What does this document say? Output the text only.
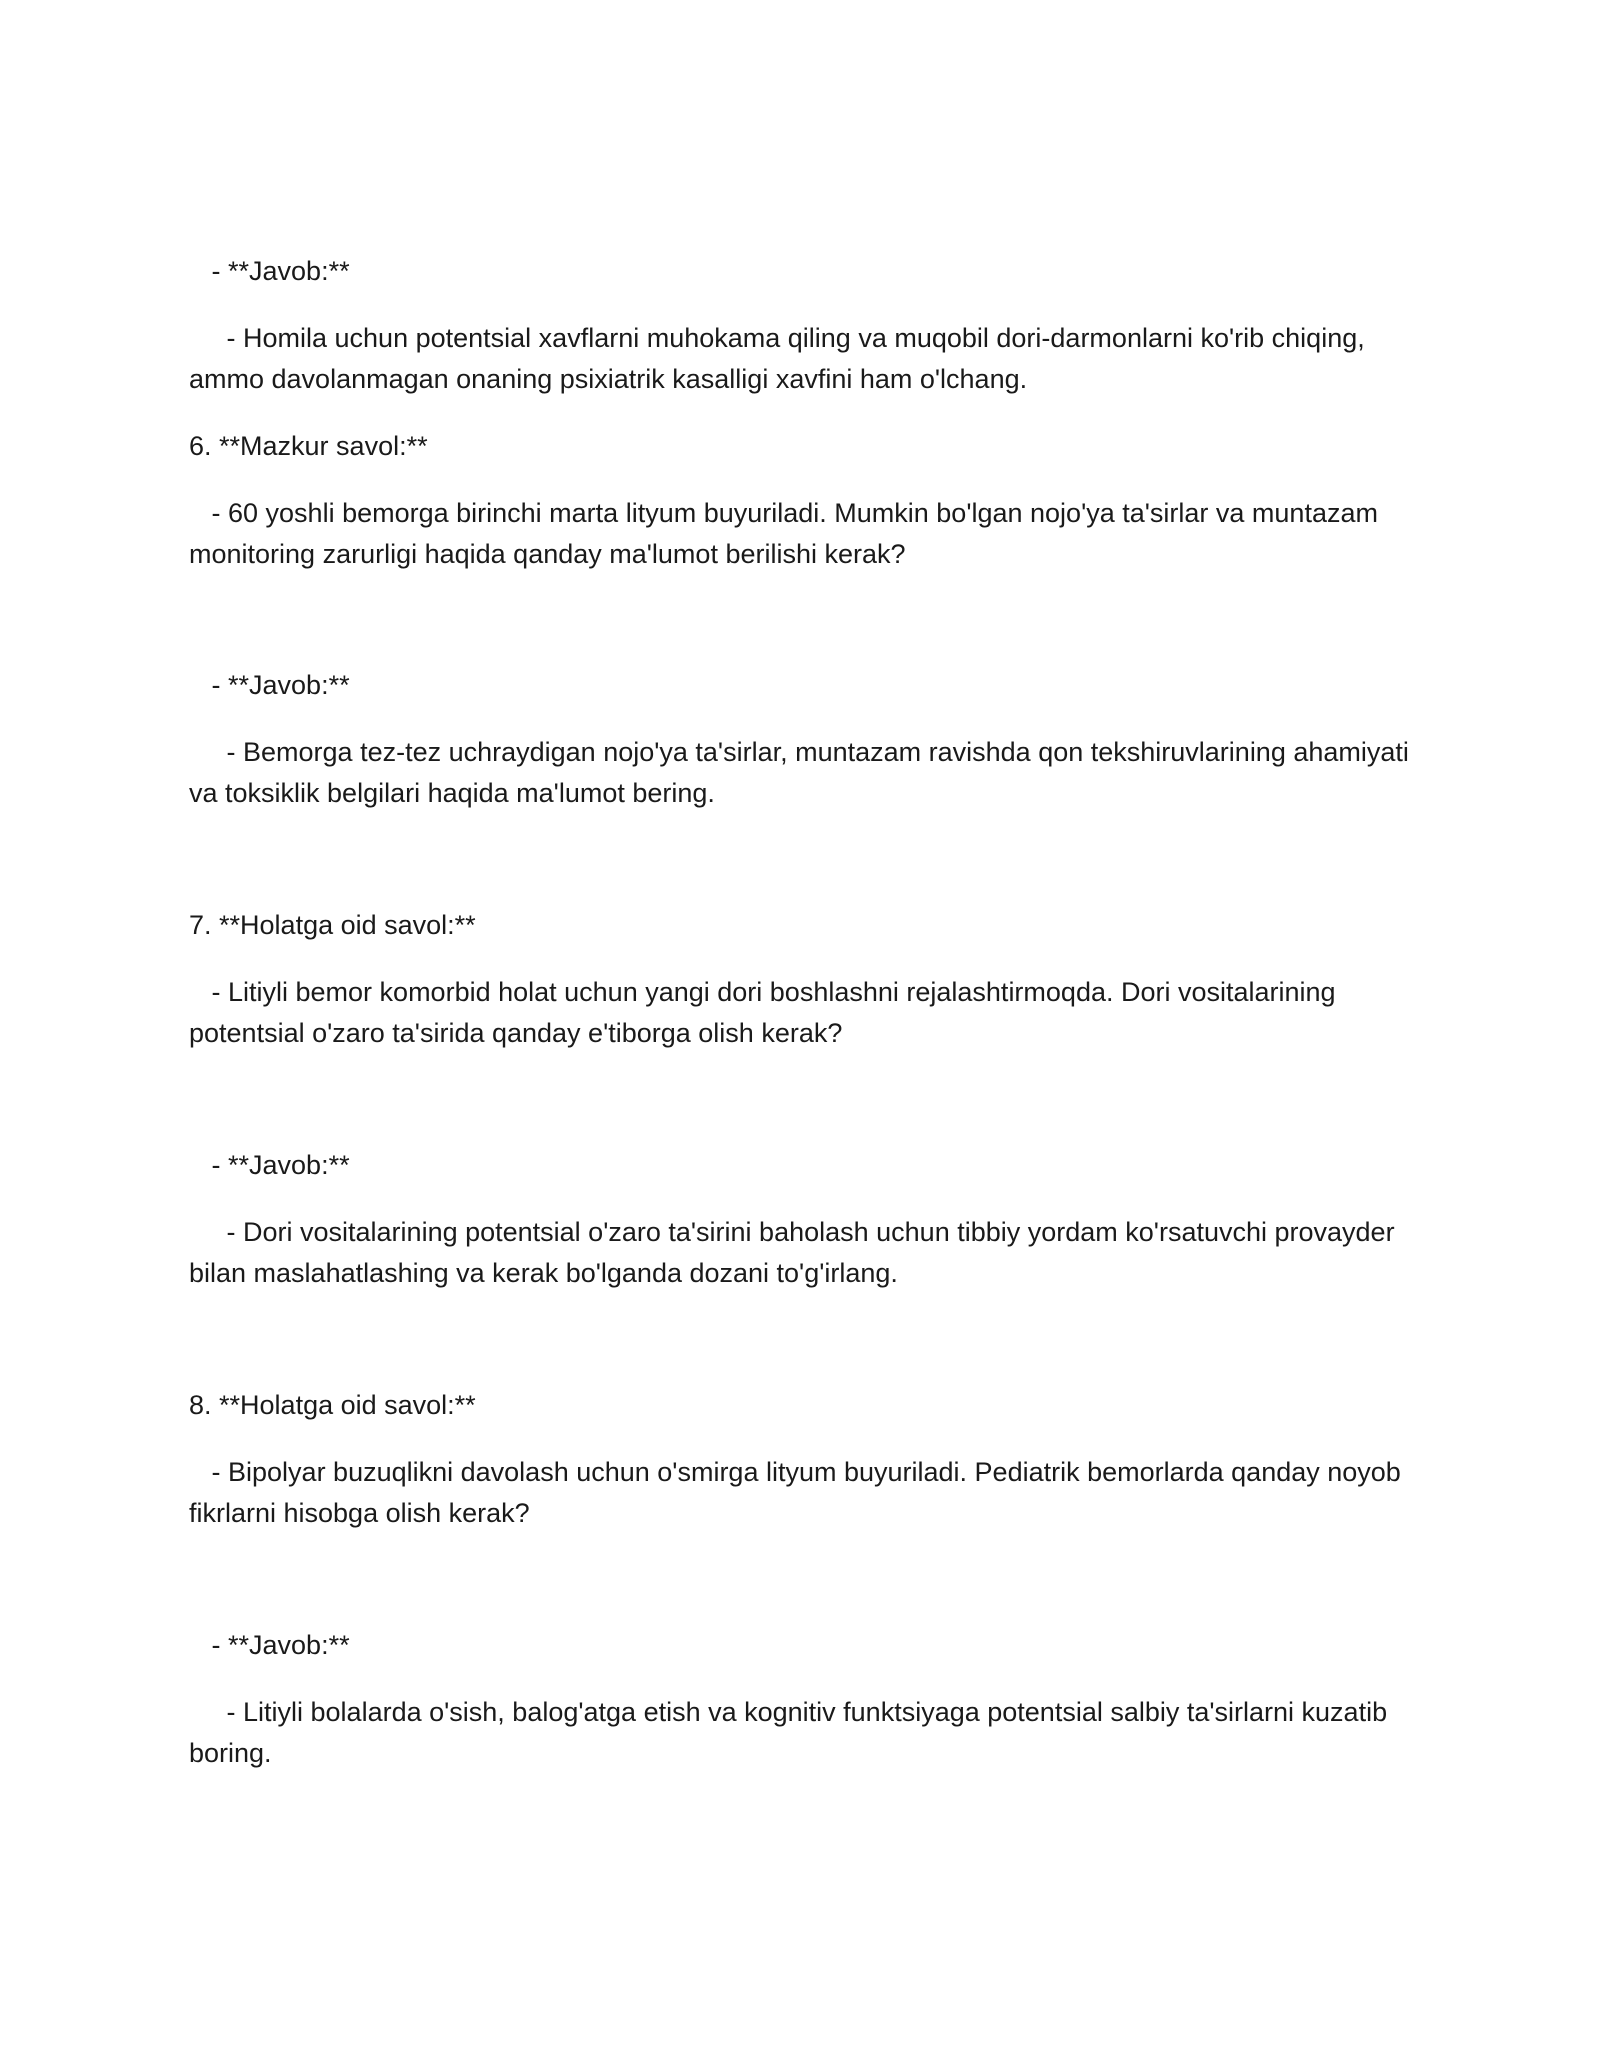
- **Javob:**
- Homila uchun potentsial xavflarni muhokama qiling va muqobil dori-darmonlarni ko'rib chiqing, ammo davolanmagan onaning psixiatrik kasalligi xavfini ham o'lchang.
6. **Mazkur savol:**
- 60 yoshli bemorga birinchi marta lityum buyuriladi. Mumkin bo'lgan nojo'ya ta'sirlar va muntazam monitoring zarurligi haqida qanday ma'lumot berilishi kerak?
- **Javob:**
- Bemorga tez-tez uchraydigan nojo'ya ta'sirlar, muntazam ravishda qon tekshiruvlarining ahamiyati va toksiklik belgilari haqida ma'lumot bering.
7. **Holatga oid savol:**
- Litiyli bemor komorbid holat uchun yangi dori boshlashni rejalashtirmoqda. Dori vositalarining potentsial o'zaro ta'sirida qanday e'tiborga olish kerak?
- **Javob:**
- Dori vositalarining potentsial o'zaro ta'sirini baholash uchun tibbiy yordam ko'rsatuvchi provayder bilan maslahatlashing va kerak bo'lganda dozani to'g'irlang.
8. **Holatga oid savol:**
- Bipolyar buzuqlikni davolash uchun o'smirga lityum buyuriladi. Pediatrik bemorlarda qanday noyob fikrlarni hisobga olish kerak?
- **Javob:**
- Litiyli bolalarda o'sish, balog'atga etish va kognitiv funktsiyaga potentsial salbiy ta'sirlarni kuzatib boring.
